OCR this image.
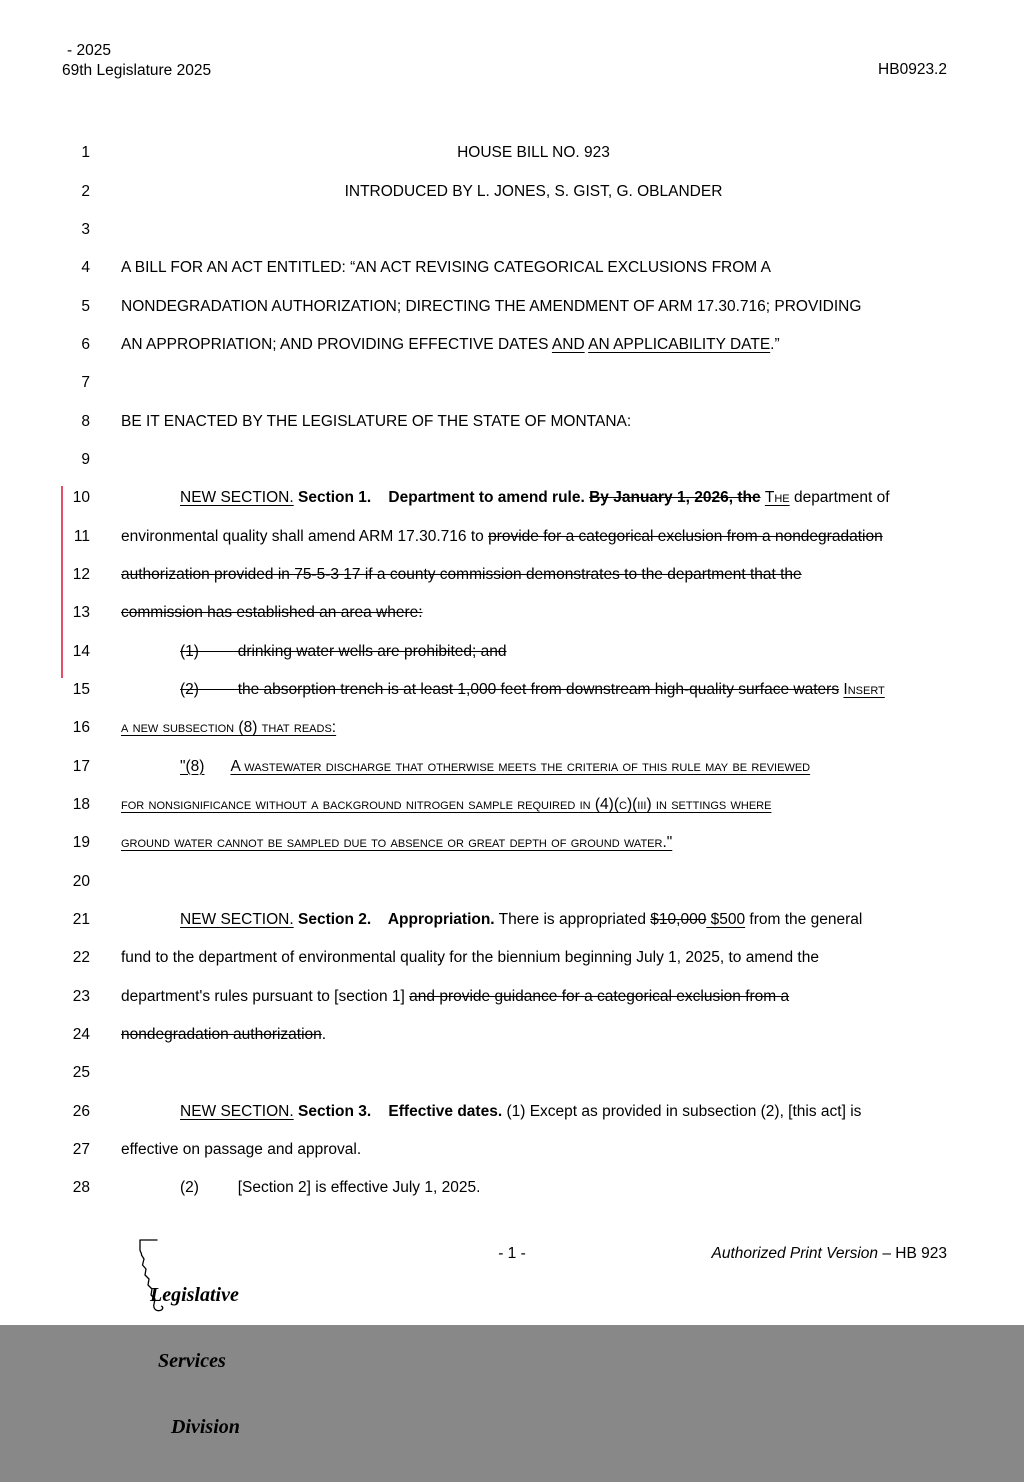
- 2025
69th Legislature 2025	HB0923.2
1	HOUSE BILL NO. 923
2	INTRODUCED BY L. JONES, S. GIST, G. OBLANDER
3
4 A BILL FOR AN ACT ENTITLED: “AN ACT REVISING CATEGORICAL EXCLUSIONS FROM A
5 NONDEGRADATION AUTHORIZATION; DIRECTING THE AMENDMENT OF ARM 17.30.716; PROVIDING
6 AN APPROPRIATION; AND PROVIDING EFFECTIVE DATES AND AN APPLICABILITY DATE.”
7
8 BE IT ENACTED BY THE LEGISLATURE OF THE STATE OF MONTANA:
9
10	NEW SECTION. Section 1.    Department to amend rule. By January 1, 2026, the The department of
11 environmental quality shall amend ARM 17.30.716 to provide for a categorical exclusion from a nondegradation
12 authorization provided in 75-5-3 17 if a county commission demonstrates to the department that the
13 commission has established an area where:
14	(1)         drinking water wells are prohibited; and
15	(2)         the absorption trench is at least 1,000 feet from downstream high-quality surface waters Insert
16 a new subsection (8) that reads:
17	"(8) A wastewater discharge that otherwise meets the criteria of this rule may be reviewed
18 for nonsignificance without a background nitrogen sample required in (4)(c)(iii) in settings where
19 ground water cannot be sampled due to absence or great depth of ground water."
20
21	NEW SECTION. Section 2.    Appropriation. There is appropriated $10,000 $500 from the general
22 fund to the department of environmental quality for the biennium beginning July 1, 2025, to amend the
23 department's rules pursuant to [section 1] and provide guidance for a categorical exclusion from a
24 nondegradation authorization.
25
26	NEW SECTION. Section 3.    Effective dates. (1) Except as provided in subsection (2), [this act] is
27 effective on passage and approval.
28	(2)         [Section 2] is effective July 1, 2025.

Legislative

Services

Division

- 1 -	Authorized Print Version – HB 923
